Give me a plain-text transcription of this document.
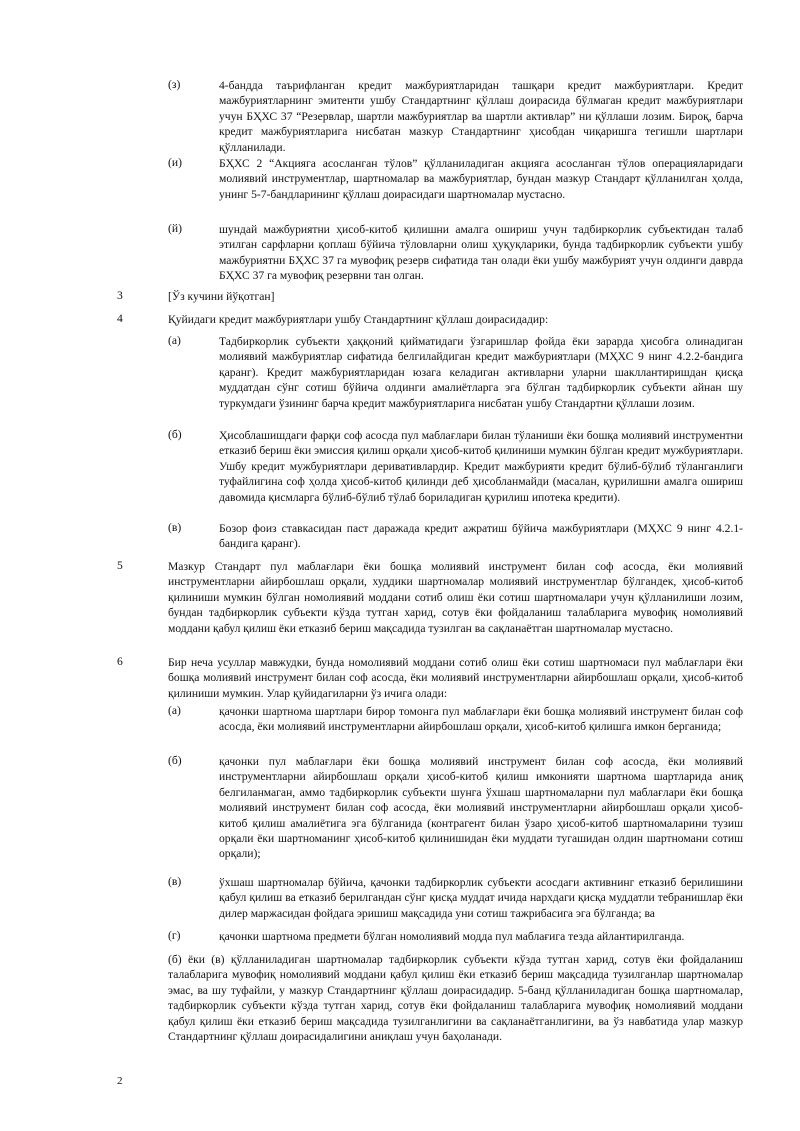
(з)	4-бандда таърифланган кредит мажбуриятларидан ташқари кредит мажбуриятлари. Кредит мажбуриятларнинг эмитенти ушбу Стандартнинг қўллаш доирасида бўлмаган кредит мажбуриятлари учун БҲХС 37 “Резервлар, шартли мажбуриятлар ва шартли активлар” ни қўллаши лозим. Бироқ, барча кредит мажбуриятларига нисбатан мазкур Стандартнинг ҳисобдан чиқаришга тегишли шартлари қўлланилади.
(и)	БҲХС 2 “Акцияга асосланган тўлов” қўлланиладиган акцияга асосланган тўлов операцияларидаги молиявий инструментлар, шартномалар ва мажбуриятлар, бундан мазкур Стандарт қўлланилган ҳолда, унинг 5-7-бандларининг қўллаш доирасидаги шартномалар мустасно.
(й)	шундай мажбуриятни ҳисоб-китоб қилишни амалга ошириш учун тадбиркорлик субъектидан талаб этилган сарфларни қоплаш бўйича тўловларни олиш ҳуқуқларики, бунда тадбиркорлик субъекти ушбу мажбуриятни БҲХС 37 га мувофиқ резерв сифатида тан олади ёки ушбу мажбурият учун олдинги даврда БҲХС 37 га мувофиқ резервни тан олган.
3	[Ўз кучини йўқотган]
4	Қуйидаги кредит мажбуриятлари ушбу Стандартнинг қўллаш доирасидадир:
(а)	Тадбиркорлик субъекти ҳаққоний қийматидаги ўзгаришлар фойда ёки зарарда ҳисобга олинадиган молиявий мажбуриятлар сифатида белгилайдиган кредит мажбуриятлари (МҲХС 9 нинг 4.2.2-бандига қаранг). Кредит мажбуриятларидан юзага келадиган активларни уларни шакллантиришдан қисқа муддатдан сўнг сотиш бўйича олдинги амалиётларга эга бўлган тадбиркорлик субъекти айнан шу туркумдаги ўзининг барча кредит мажбуриятларига нисбатан ушбу Стандартни қўллаши лозим.
(б)	Ҳисоблашишдаги фарқи соф асосда пул маблағлари билан тўланиши ёки бошқа молиявий инструментни етказиб бериш ёки эмиссия қилиш орқали ҳисоб-китоб қилиниши мумкин бўлган кредит мужбуриятлари. Ушбу кредит мужбуриятлари деривативлардир. Кредит мажбурияти кредит бўлиб-бўлиб тўланганлиги туфайлигина соф ҳолда ҳисоб-китоб қилинди деб ҳисобланмайди (масалан, қурилишни амалга ошириш давомида қисмларга бўлиб-бўлиб тўлаб бориладиган қурилиш ипотека кредити).
(в)	Бозор фоиз ставкасидан паст даражада кредит ажратиш бўйича мажбуриятлари (МҲХС 9 нинг 4.2.1-бандига қаранг).
5	Мазкур Стандарт пул маблағлари ёки бошқа молиявий инструмент билан соф асосда, ёки молиявий инструментларни айирбошлаш орқали, худдики шартномалар молиявий инструментлар бўлгандек, ҳисоб-китоб қилиниши мумкин бўлган номолиявий моддани сотиб олиш ёки сотиш шартномалари учун қўлланилиши лозим, бундан тадбиркорлик субъекти кўзда тутган харид, сотув ёки фойдаланиш талабларига мувофиқ номолиявий моддани қабул қилиш ёки етказиб бериш мақсадида тузилган ва сақланаётган шартномалар мустасно.
6	Бир неча усуллар мавжудки, бунда номолиявий моддани сотиб олиш ёки сотиш шартномаси пул маблағлари ёки бошқа молиявий инструмент билан соф асосда, ёки молиявий инструментларни айирбошлаш орқали, ҳисоб-китоб қилиниши мумкин. Улар қуйидагиларни ўз ичига олади:
(а)	қачонки шартнома шартлари бирор томонга пул маблағлари ёки бошқа молиявий инструмент билан соф асосда, ёки молиявий инструментларни айирбошлаш орқали, ҳисоб-китоб қилишга имкон берганида;
(б)	қачонки пул маблағлари ёки бошқа молиявий инструмент билан соф асосда, ёки молиявий инструментларни айирбошлаш орқали ҳисоб-китоб қилиш имконияти шартнома шартларида аниқ белгиланмаган, аммо тадбиркорлик субъекти шунга ўхшаш шартномаларни пул маблағлари ёки бошқа молиявий инструмент билан соф асосда, ёки молиявий инструментларни айирбошлаш орқали ҳисоб-китоб қилиш амалиётига эга бўлганида (контрагент билан ўзаро ҳисоб-китоб шартномаларини тузиш орқали ёки шартноманинг ҳисоб-китоб қилинишидан ёки муддати тугашидан олдин шартномани сотиш орқали);
(в)	ўхшаш шартномалар бўйича, қачонки тадбиркорлик субъекти асосдаги активнинг етказиб берилишини қабул қилиш ва етказиб берилгандан сўнг қисқа муддат ичида нархдаги қисқа муддатли тебранишлар ёки дилер маржасидан фойдага эришиш мақсадида уни сотиш тажрибасига эга бўлганда; ва
(г)	қачонки шартнома предмети бўлган номолиявий модда пул маблағига тезда айлантирилганда.
(б) ёки (в) қўлланиладиган шартномалар тадбиркорлик субъекти кўзда тутган харид, сотув ёки фойдаланиш талабларига мувофиқ номолиявий моддани қабул қилиш ёки етказиб бериш мақсадида тузилганлар шартномалар эмас, ва шу туфайли, у мазкур Стандартнинг қўллаш доирасидадир. 5-банд қўлланиладиган бошқа шартномалар, тадбиркорлик субъекти кўзда тутган харид, сотув ёки фойдаланиш талабларига мувофиқ номолиявий моддани қабул қилиш ёки етказиб бериш мақсадида тузилганлигини ва сақланаётганлигини, ва ўз навбатида улар мазкур Стандартнинг қўллаш доирасидалигини аниқлаш учун баҳоланади.
2
